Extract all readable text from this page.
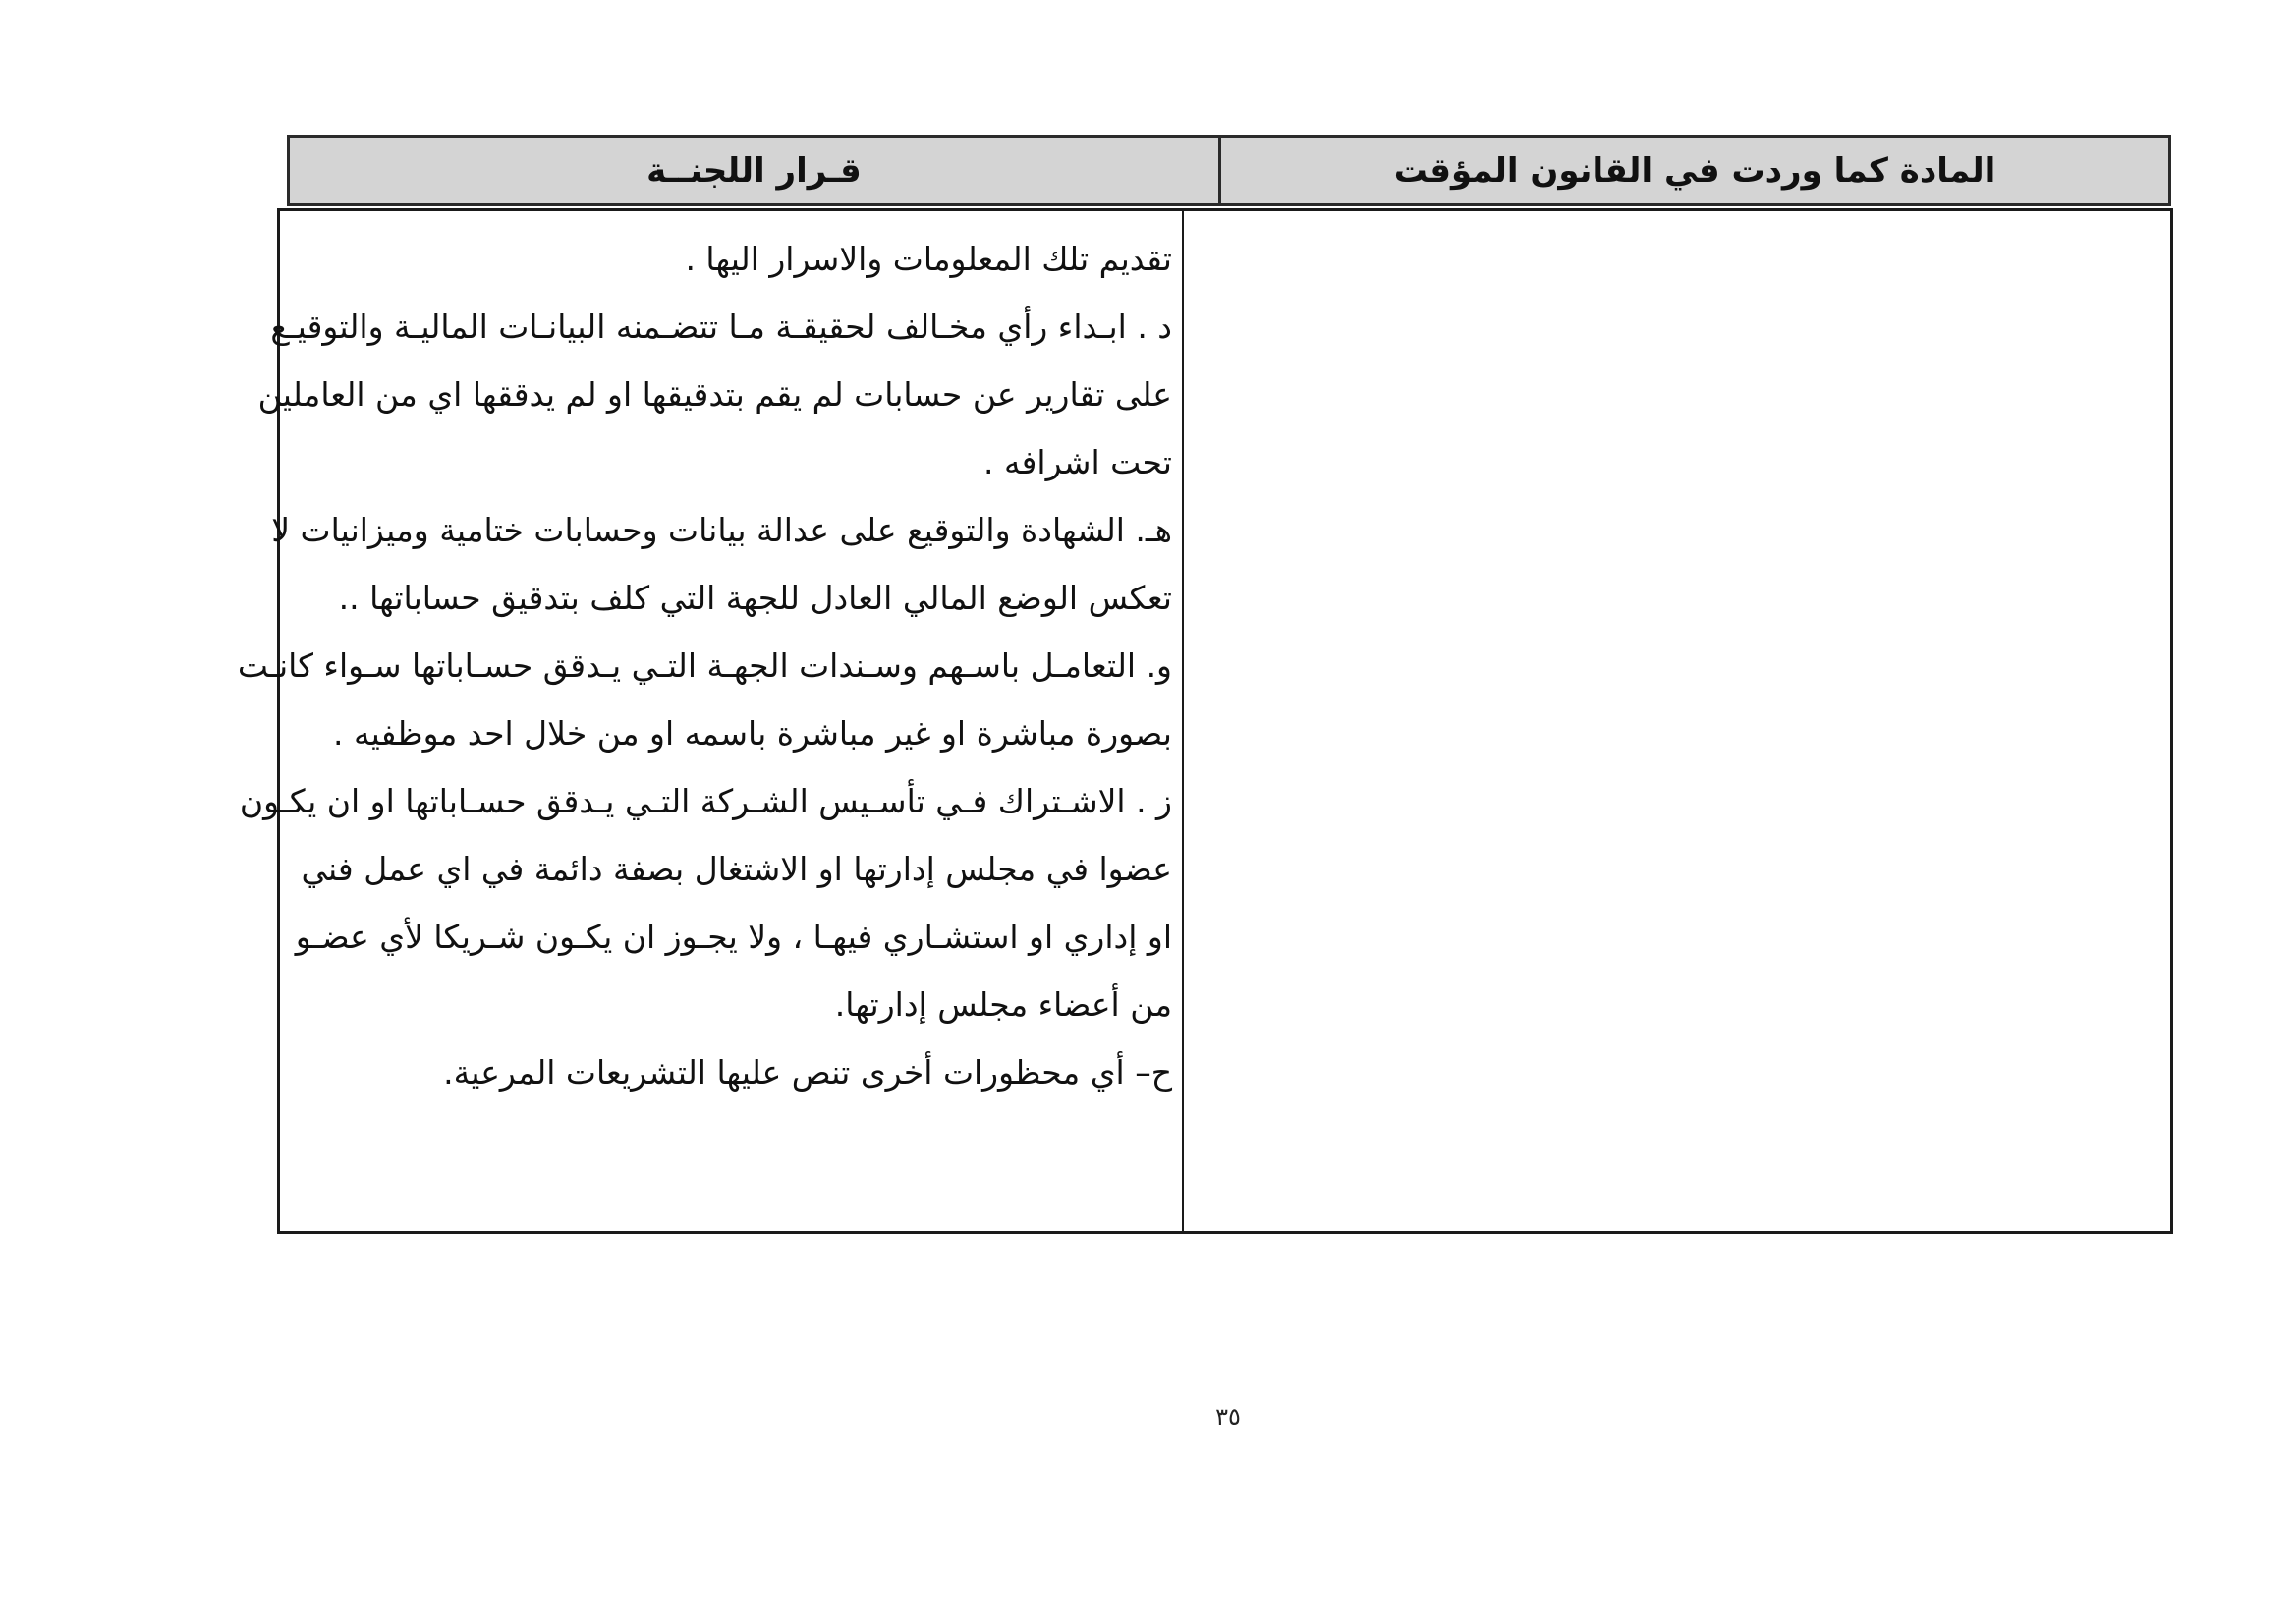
قـرار اللجنــة	المادة كما وردت في القانون المؤقت
تقديم تلك المعلومات والاسرار اليها .
د . ابـداء رأي مخـالف لحقيقـة مـا تتضـمنه البيانـات الماليـة والتوقيـع
على تقارير عن حسابات لم يقم بتدقيقها او لم يدققها اي من العاملين
تحت اشرافه .
هـ. الشهادة والتوقيع على عدالة بيانات وحسابات ختامية وميزانيات لا
تعكس الوضع المالي العادل للجهة التي كلف بتدقيق حساباتها ..
و. التعامـل باسـهم وسـندات الجهـة التـي يـدقق حسـاباتها سـواء كانـت
بصورة مباشرة او غير مباشرة باسمه او من خلال احد موظفيه .
ز . الاشـتراك فـي تأسـيس الشـركة التـي يـدقق حسـاباتها او ان يكـون
عضوا في مجلس إدارتها او الاشتغال بصفة دائمة في اي عمل فني
او إداري او استشـاري فيهـا ، ولا يجـوز ان يكـون شـريكا لأي عضـو
من أعضاء مجلس إدارتها.
ح– أي محظورات أخرى تنص عليها التشريعات المرعية.
٣٥
